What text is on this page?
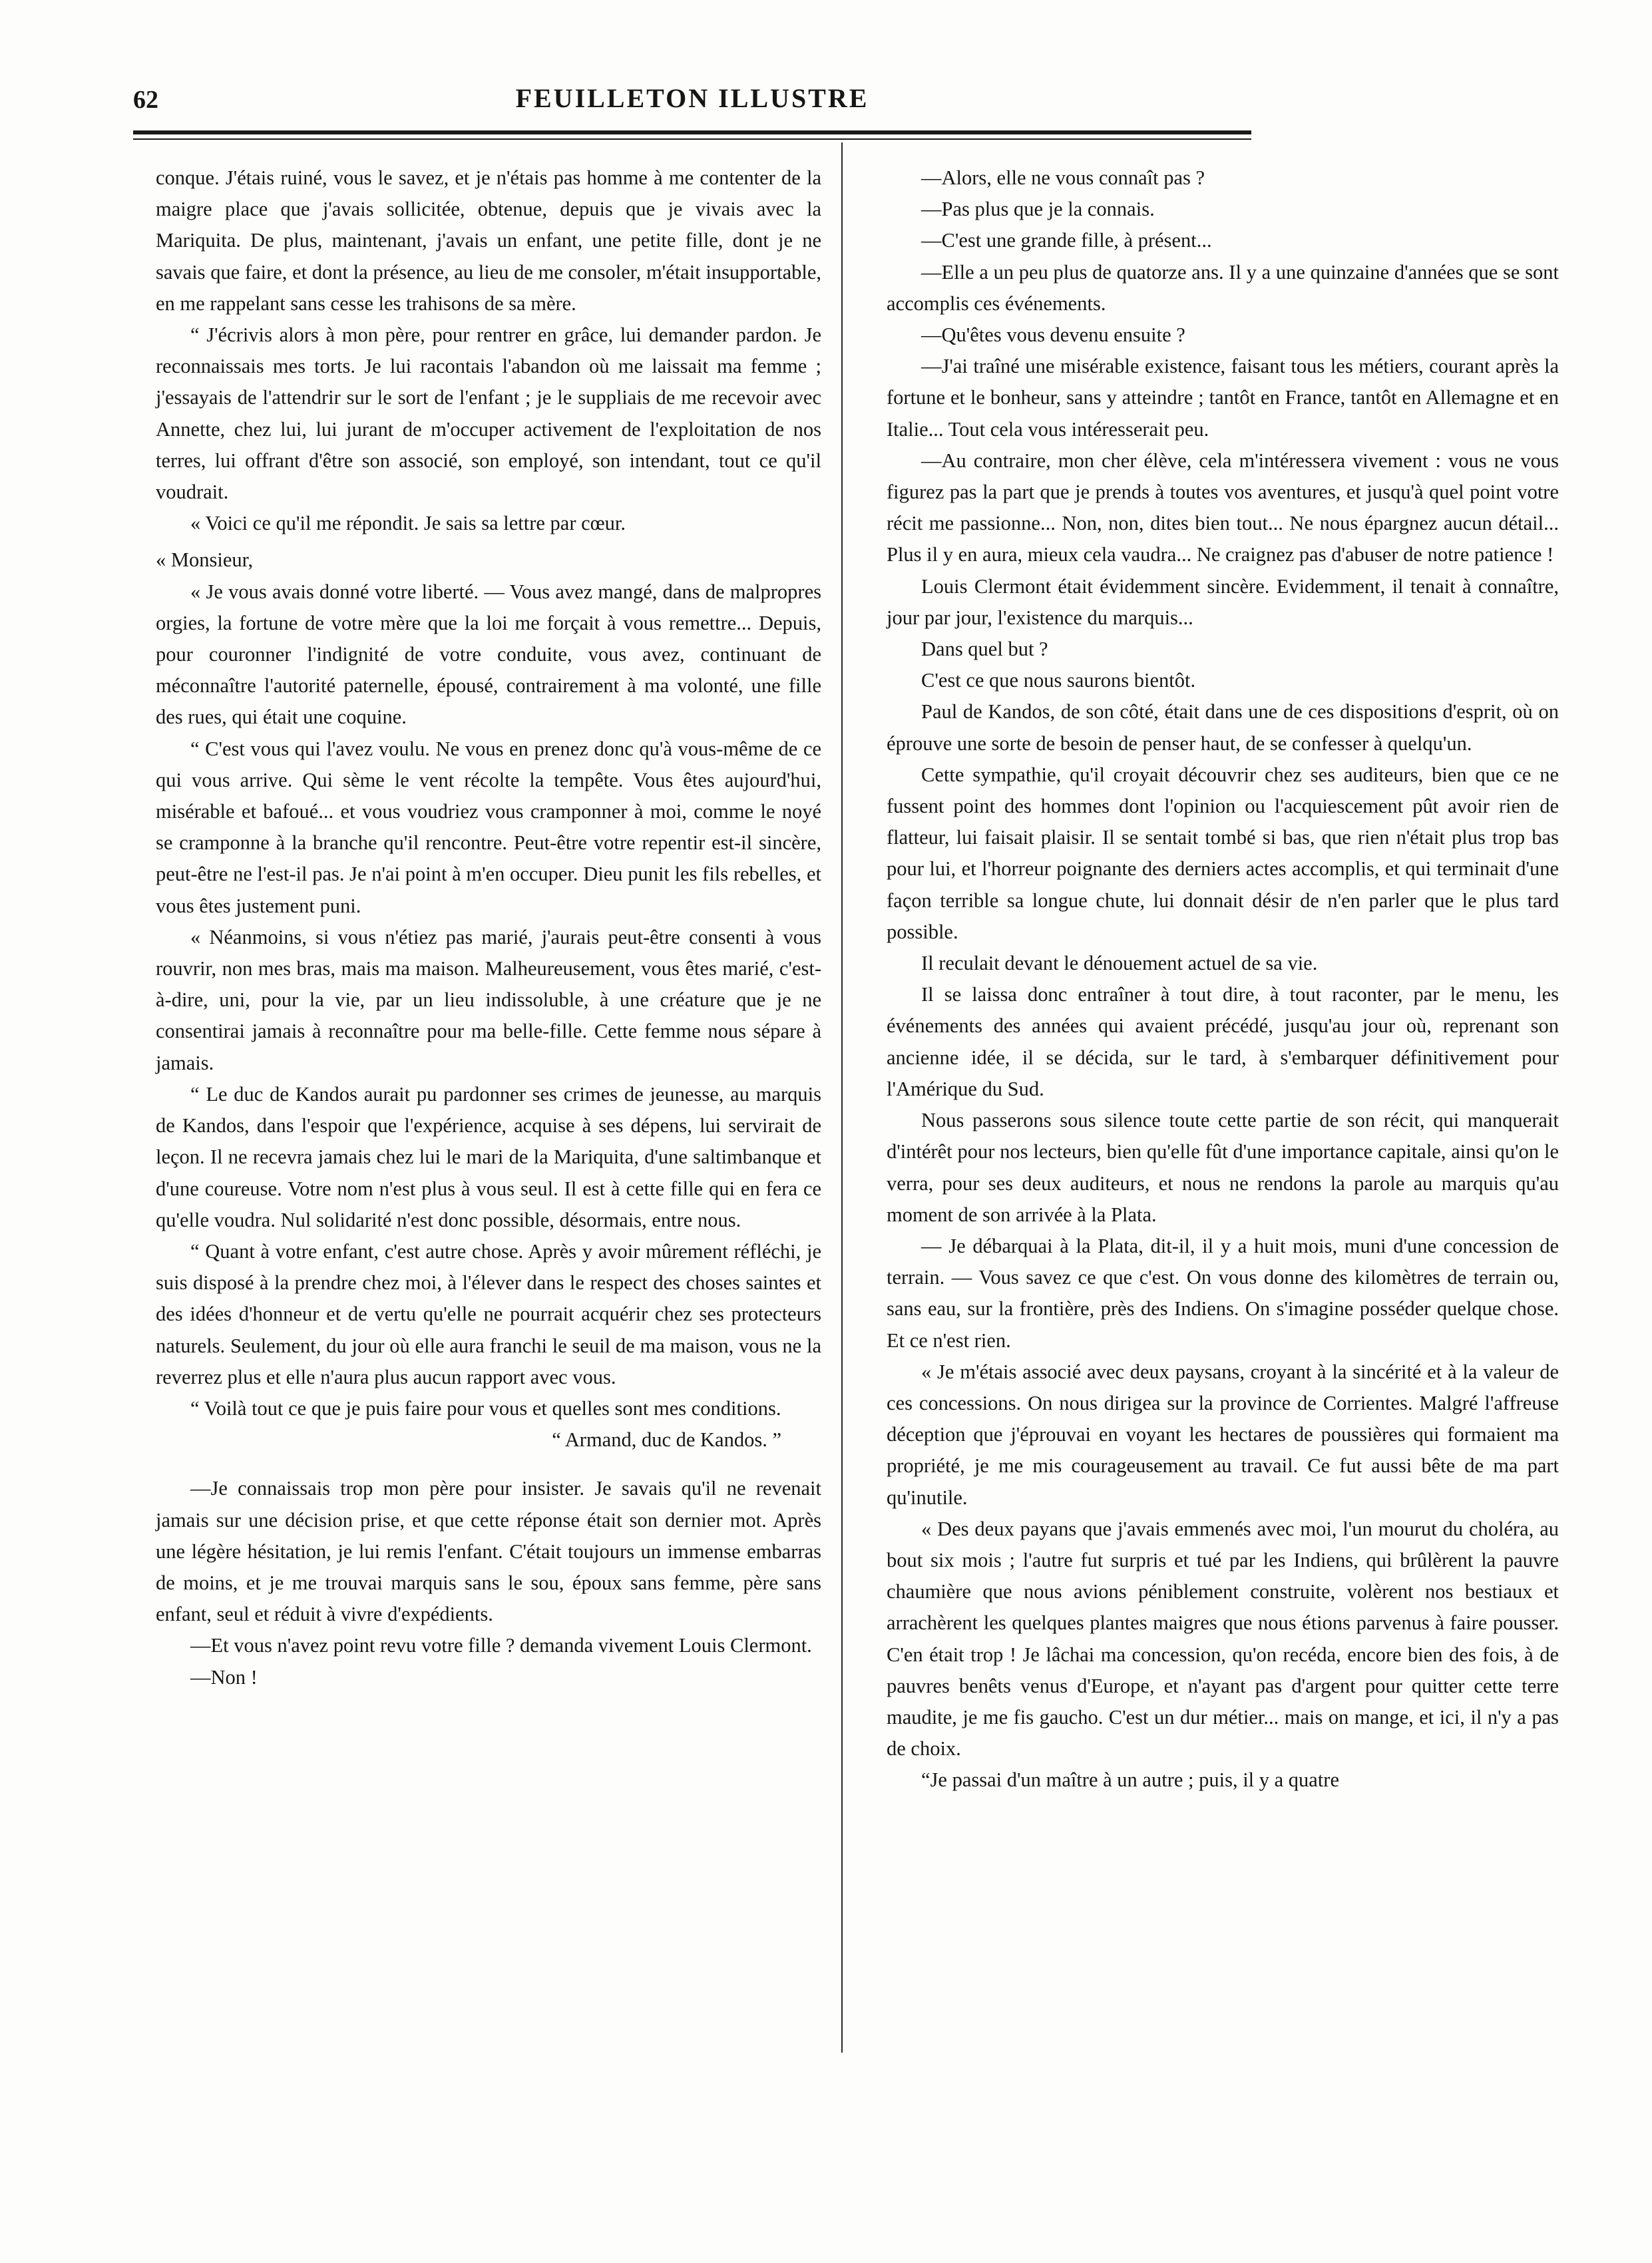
62	FEUILLETON ILLUSTRE

conque. J'étais ruiné, vous le savez, et je n'étais pas homme à me contenter de la maigre place que j'avais sollicitée, obtenue, depuis que je vivais avec la Mariquita. De plus, maintenant, j'avais un enfant, une petite fille, dont je ne savais que faire, et dont la présence, au lieu de me consoler, m'était insupportable, en me rappelant sans cesse les trahisons de sa mère.

“ J'écrivis alors à mon père, pour rentrer en grâce, lui demander pardon. Je reconnaissais mes torts. Je lui racontais l'abandon où me laissait ma femme ; j'essayais de l'attendrir sur le sort de l'enfant ; je le suppliais de me recevoir avec Annette, chez lui, lui jurant de m'occuper activement de l'exploitation de nos terres, lui offrant d'être son associé, son employé, son intendant, tout ce qu'il voudrait.

« Voici ce qu'il me répondit. Je sais sa lettre par cœur.

« Monsieur,

« Je vous avais donné votre liberté. — Vous avez mangé, dans de malpropres orgies, la fortune de votre mère que la loi me forçait à vous remettre... Depuis, pour couronner l'indignité de votre conduite, vous avez, continuant de méconnaître l'autorité paternelle, épousé, contrairement à ma volonté, une fille des rues, qui était une coquine.

“ C'est vous qui l'avez voulu. Ne vous en prenez donc qu'à vous-même de ce qui vous arrive. Qui sème le vent récolte la tempête. Vous êtes aujourd'hui, misérable et bafoué... et vous voudriez vous cramponner à moi, comme le noyé se cramponne à la branche qu'il rencontre. Peut-être votre repentir est-il sincère, peut-être ne l'est-il pas. Je n'ai point à m'en occuper. Dieu punit les fils rebelles, et vous êtes justement puni.

« Néanmoins, si vous n'étiez pas marié, j'aurais peut-être consenti à vous rouvrir, non mes bras, mais ma maison. Malheureusement, vous êtes marié, c'est-à-dire, uni, pour la vie, par un lieu indissoluble, à une créature que je ne consentirai jamais à reconnaître pour ma belle-fille. Cette femme nous sépare à jamais.

“ Le duc de Kandos aurait pu pardonner ses crimes de jeunesse, au marquis de Kandos, dans l'espoir que l'expérience, acquise à ses dépens, lui servirait de leçon. Il ne recevra jamais chez lui le mari de la Mariquita, d'une saltimbanque et d'une coureuse. Votre nom n'est plus à vous seul. Il est à cette fille qui en fera ce qu'elle voudra. Nul solidarité n'est donc possible, désormais, entre nous.

“ Quant à votre enfant, c'est autre chose. Après y avoir mûrement réfléchi, je suis disposé à la prendre chez moi, à l'élever dans le respect des choses saintes et des idées d'honneur et de vertu qu'elle ne pourrait acquérir chez ses protecteurs naturels. Seulement, du jour où elle aura franchi le seuil de ma maison, vous ne la reverrez plus et elle n'aura plus aucun rapport avec vous.

“ Voilà tout ce que je puis faire pour vous et quelles sont mes conditions.

“ Armand, duc de Kandos. ”

—Je connaissais trop mon père pour insister. Je savais qu'il ne revenait jamais sur une décision prise, et que cette réponse était son dernier mot. Après une légère hésitation, je lui remis l'enfant. C'était toujours un immense embarras de moins, et je me trouvai marquis sans le sou, époux sans femme, père sans enfant, seul et réduit à vivre d'expédients.

—Et vous n'avez point revu votre fille ? demanda vivement Louis Clermont.

—Non !

—Alors, elle ne vous connaît pas ?

—Pas plus que je la connais.

—C'est une grande fille, à présent...

—Elle a un peu plus de quatorze ans. Il y a une quinzaine d'années que se sont accomplis ces événements.

—Qu'êtes vous devenu ensuite ?

—J'ai traîné une misérable existence, faisant tous les métiers, courant après la fortune et le bonheur, sans y atteindre ; tantôt en France, tantôt en Allemagne et en Italie... Tout cela vous intéresserait peu.

—Au contraire, mon cher élève, cela m'intéressera vivement : vous ne vous figurez pas la part que je prends à toutes vos aventures, et jusqu'à quel point votre récit me passionne... Non, non, dites bien tout... Ne nous épargnez aucun détail... Plus il y en aura, mieux cela vaudra... Ne craignez pas d'abuser de notre patience !

Louis Clermont était évidemment sincère. Evidemment, il tenait à connaître, jour par jour, l'existence du marquis...

Dans quel but ?

C'est ce que nous saurons bientôt.

Paul de Kandos, de son côté, était dans une de ces dispositions d'esprit, où on éprouve une sorte de besoin de penser haut, de se confesser à quelqu'un.

Cette sympathie, qu'il croyait découvrir chez ses auditeurs, bien que ce ne fussent point des hommes dont l'opinion ou l'acquiescement pût avoir rien de flatteur, lui faisait plaisir. Il se sentait tombé si bas, que rien n'était plus trop bas pour lui, et l'horreur poignante des derniers actes accomplis, et qui terminait d'une façon terrible sa longue chute, lui donnait désir de n'en parler que le plus tard possible.

Il reculait devant le dénouement actuel de sa vie.

Il se laissa donc entraîner à tout dire, à tout raconter, par le menu, les événements des années qui avaient précédé, jusqu'au jour où, reprenant son ancienne idée, il se décida, sur le tard, à s'embarquer définitivement pour l'Amérique du Sud.

Nous passerons sous silence toute cette partie de son récit, qui manquerait d'intérêt pour nos lecteurs, bien qu'elle fût d'une importance capitale, ainsi qu'on le verra, pour ses deux auditeurs, et nous ne rendons la parole au marquis qu'au moment de son arrivée à la Plata.

— Je débarquai à la Plata, dit-il, il y a huit mois, muni d'une concession de terrain. — Vous savez ce que c'est. On vous donne des kilomètres de terrain ou, sans eau, sur la frontière, près des Indiens. On s'imagine posséder quelque chose. Et ce n'est rien.

« Je m'étais associé avec deux paysans, croyant à la sincérité et à la valeur de ces concessions. On nous dirigea sur la province de Corrientes. Malgré l'affreuse déception que j'éprouvai en voyant les hectares de poussières qui formaient ma propriété, je me mis courageusement au travail. Ce fut aussi bête de ma part qu'inutile.

« Des deux payans que j'avais emmenés avec moi, l'un mourut du choléra, au bout six mois ; l'autre fut surpris et tué par les Indiens, qui brûlèrent la pauvre chaumière que nous avions péniblement construite, volèrent nos bestiaux et arrachèrent les quelques plantes maigres que nous étions parvenus à faire pousser. C'en était trop ! Je lâchai ma concession, qu'on recéda, encore bien des fois, à de pauvres benêts venus d'Europe, et n'ayant pas d'argent pour quitter cette terre maudite, je me fis gaucho. C'est un dur métier... mais on mange, et ici, il n'y a pas de choix.

“Je passai d'un maître à un autre ; puis, il y a quatre
